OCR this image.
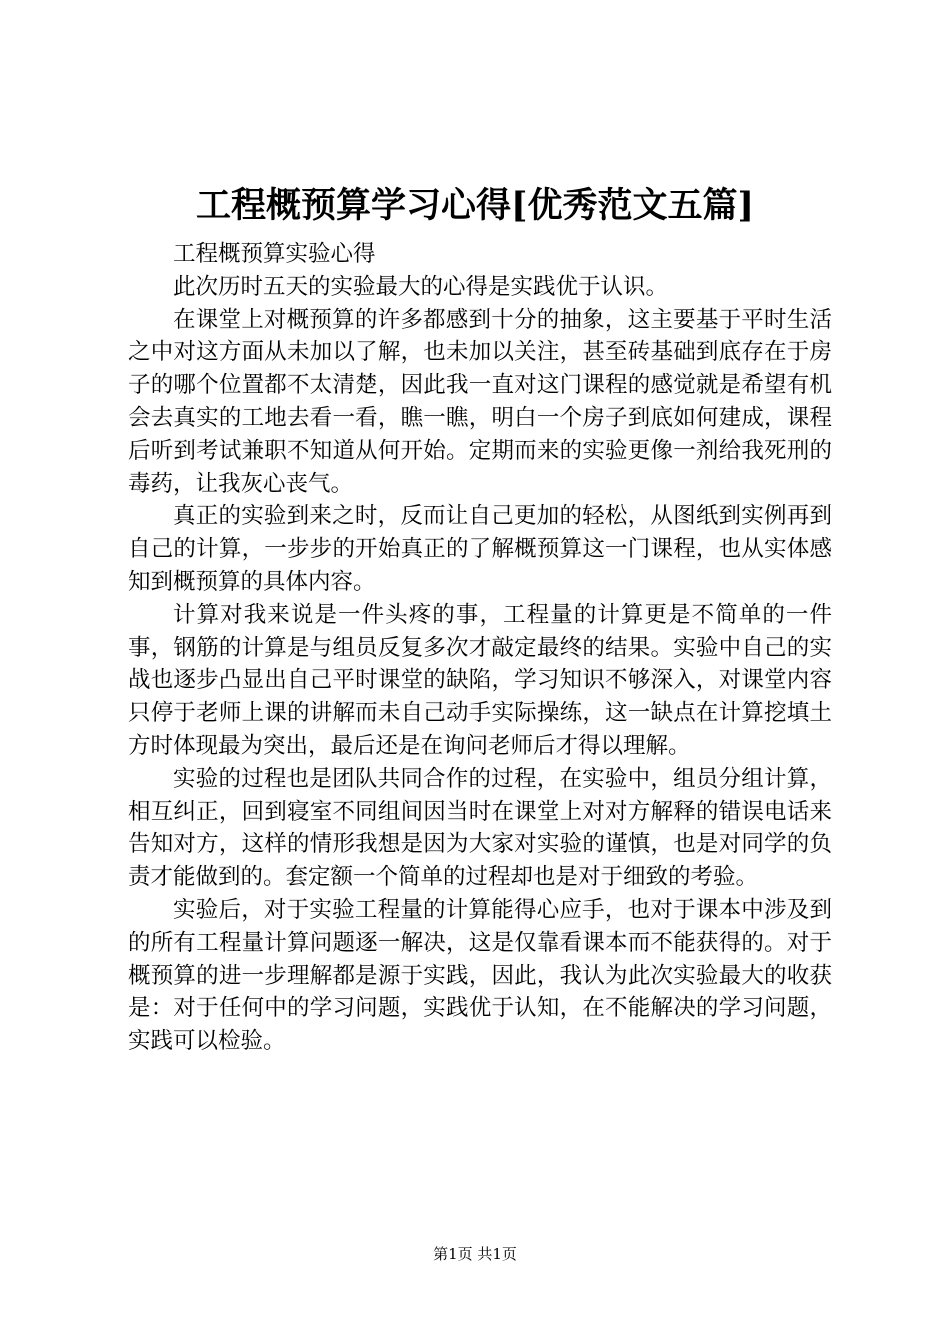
工程概预算学习心得[优秀范文五篇]

工程概预算实验心得

此次历时五天的实验最大的心得是实践优于认识。

在课堂上对概预算的许多都感到十分的抽象，这主要基于平时生活之中对这方面从未加以了解，也未加以关注，甚至砖基础到底存在于房子的哪个位置都不太清楚，因此我一直对这门课程的感觉就是希望有机会去真实的工地去看一看，瞧一瞧，明白一个房子到底如何建成，课程后听到考试兼职不知道从何开始。定期而来的实验更像一剂给我死刑的毒药，让我灰心丧气。

真正的实验到来之时，反而让自己更加的轻松，从图纸到实例再到自己的计算，一步步的开始真正的了解概预算这一门课程，也从实体感知到概预算的具体内容。

计算对我来说是一件头疼的事，工程量的计算更是不简单的一件事，钢筋的计算是与组员反复多次才敲定最终的结果。实验中自己的实战也逐步凸显出自己平时课堂的缺陷，学习知识不够深入，对课堂内容只停于老师上课的讲解而未自己动手实际操练，这一缺点在计算挖填土方时体现最为突出，最后还是在询问老师后才得以理解。

实验的过程也是团队共同合作的过程，在实验中，组员分组计算，相互纠正，回到寝室不同组间因当时在课堂上对对方解释的错误电话来告知对方，这样的情形我想是因为大家对实验的谨慎，也是对同学的负责才能做到的。套定额一个简单的过程却也是对于细致的考验。

实验后，对于实验工程量的计算能得心应手，也对于课本中涉及到的所有工程量计算问题逐一解决，这是仅靠看课本而不能获得的。对于概预算的进一步理解都是源于实践，因此，我认为此次实验最大的收获是：对于任何中的学习问题，实践优于认知，在不能解决的学习问题，实践可以检验。

第1页 共1页
